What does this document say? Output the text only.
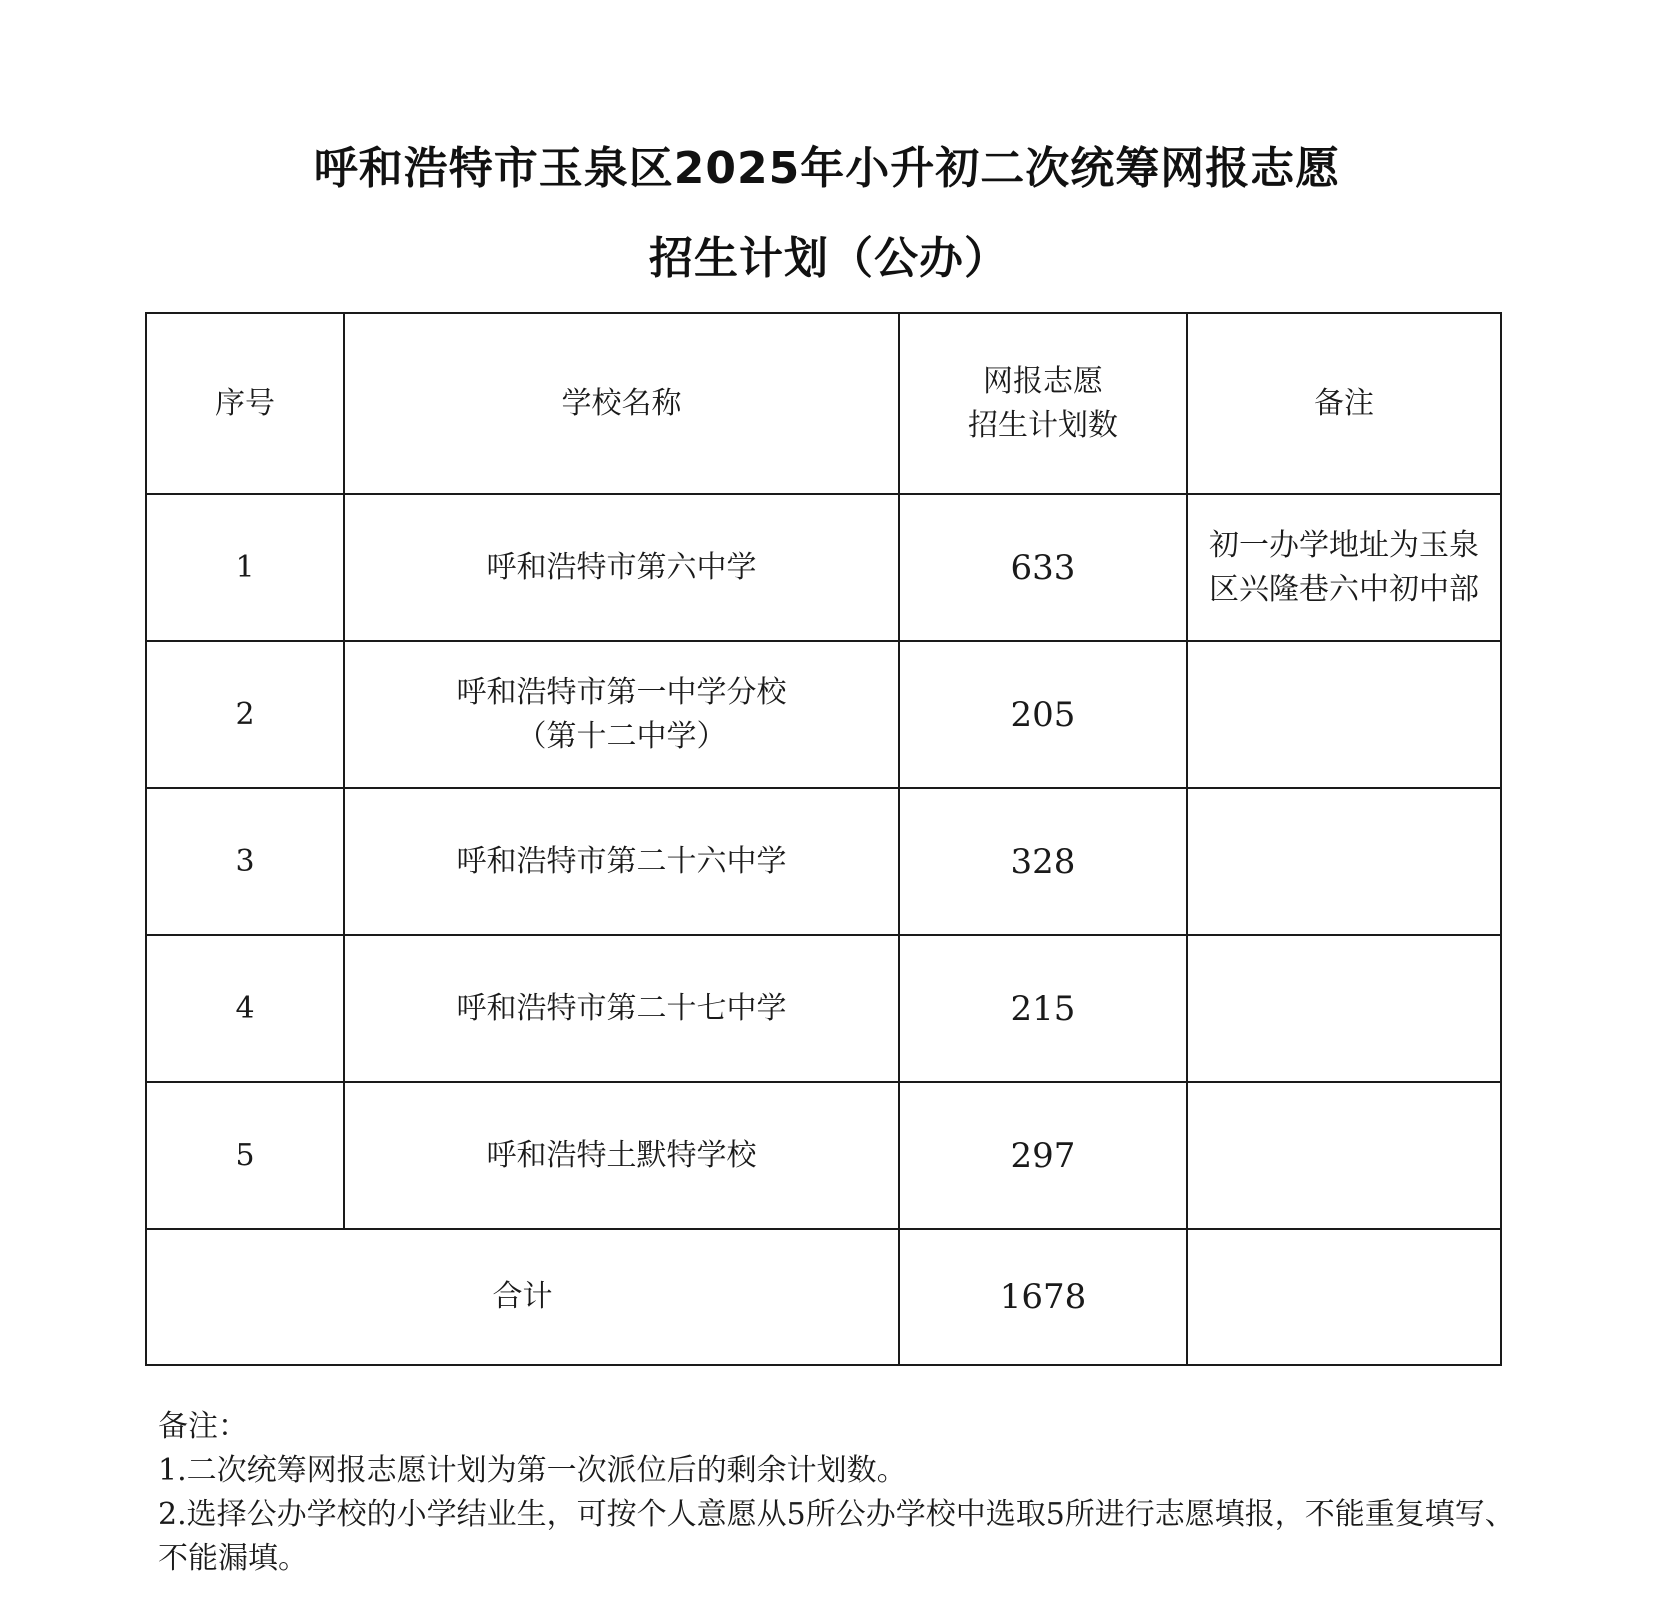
呼和浩特市玉泉区2025年小升初二次统筹网报志愿
招生计划（公办）
序号	学校名称	网报志愿
招生计划数	备注
1	呼和浩特市第六中学	633	初一办学地址为玉泉
区兴隆巷六中初中部

2	呼和浩特市第一中学分校
（第十二中学）	205	
3	呼和浩特市第二十六中学	328	
4	呼和浩特市第二十七中学	215	
5	呼和浩特土默特学校	297	
合计		1678	
备注：
1.二次统筹网报志愿计划为第一次派位后的剩余计划数。
2.选择公办学校的小学结业生，可按个人意愿从5所公办学校中选取5所进行志愿填报，不能重复填写、不能漏填。
